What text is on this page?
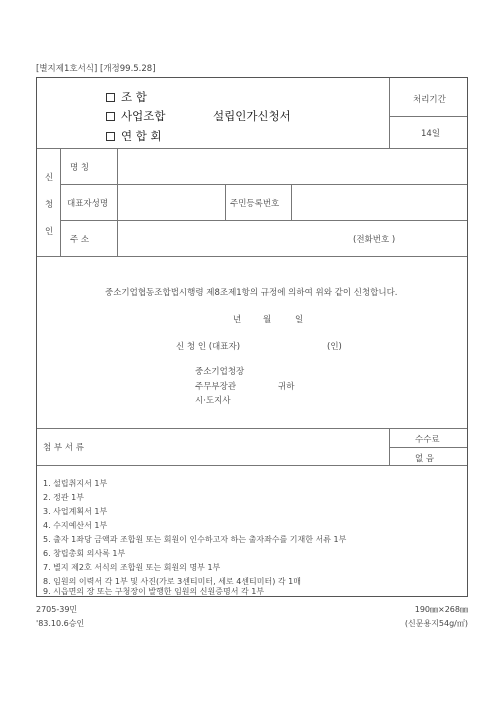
[별지제1호서식] [개정99.5.28]
조 합
사업조합
연 합 회
설립인가신청서
처리기간
14일
신
청
인
명 칭
대표자성명	주민등록번호
주 소	(전화번호 )
중소기업협동조합법시행령 제8조제1항의 규정에 의하여 위와 같이 신청합니다.
년	월	일
신 청 인 (대표자)	(인)
중소기업청장
주무부장관	귀하
시·도지사
첨 부 서 류
수수료
없 음
1. 설립취지서 1부
2. 정관 1부
3. 사업계획서 1부
4. 수지예산서 1부
5. 출자 1좌당 금액과 조합원 또는 회원이 인수하고자 하는 출자좌수를 기재한 서류 1부
6. 창립총회 의사록 1부
7. 별지 제2호 서식의 조합원 또는 회원의 명부 1부
8. 임원의 이력서 각 1부 및 사진(가로 3센티미터, 세로 4센티미터) 각 1매
9. 시읍면의 장 또는 구청장이 발행한 임원의 신원증명서 각 1부
2705-39민
'83.10.6승인
190㎜×268㎜
(신문용지54g/㎡)
